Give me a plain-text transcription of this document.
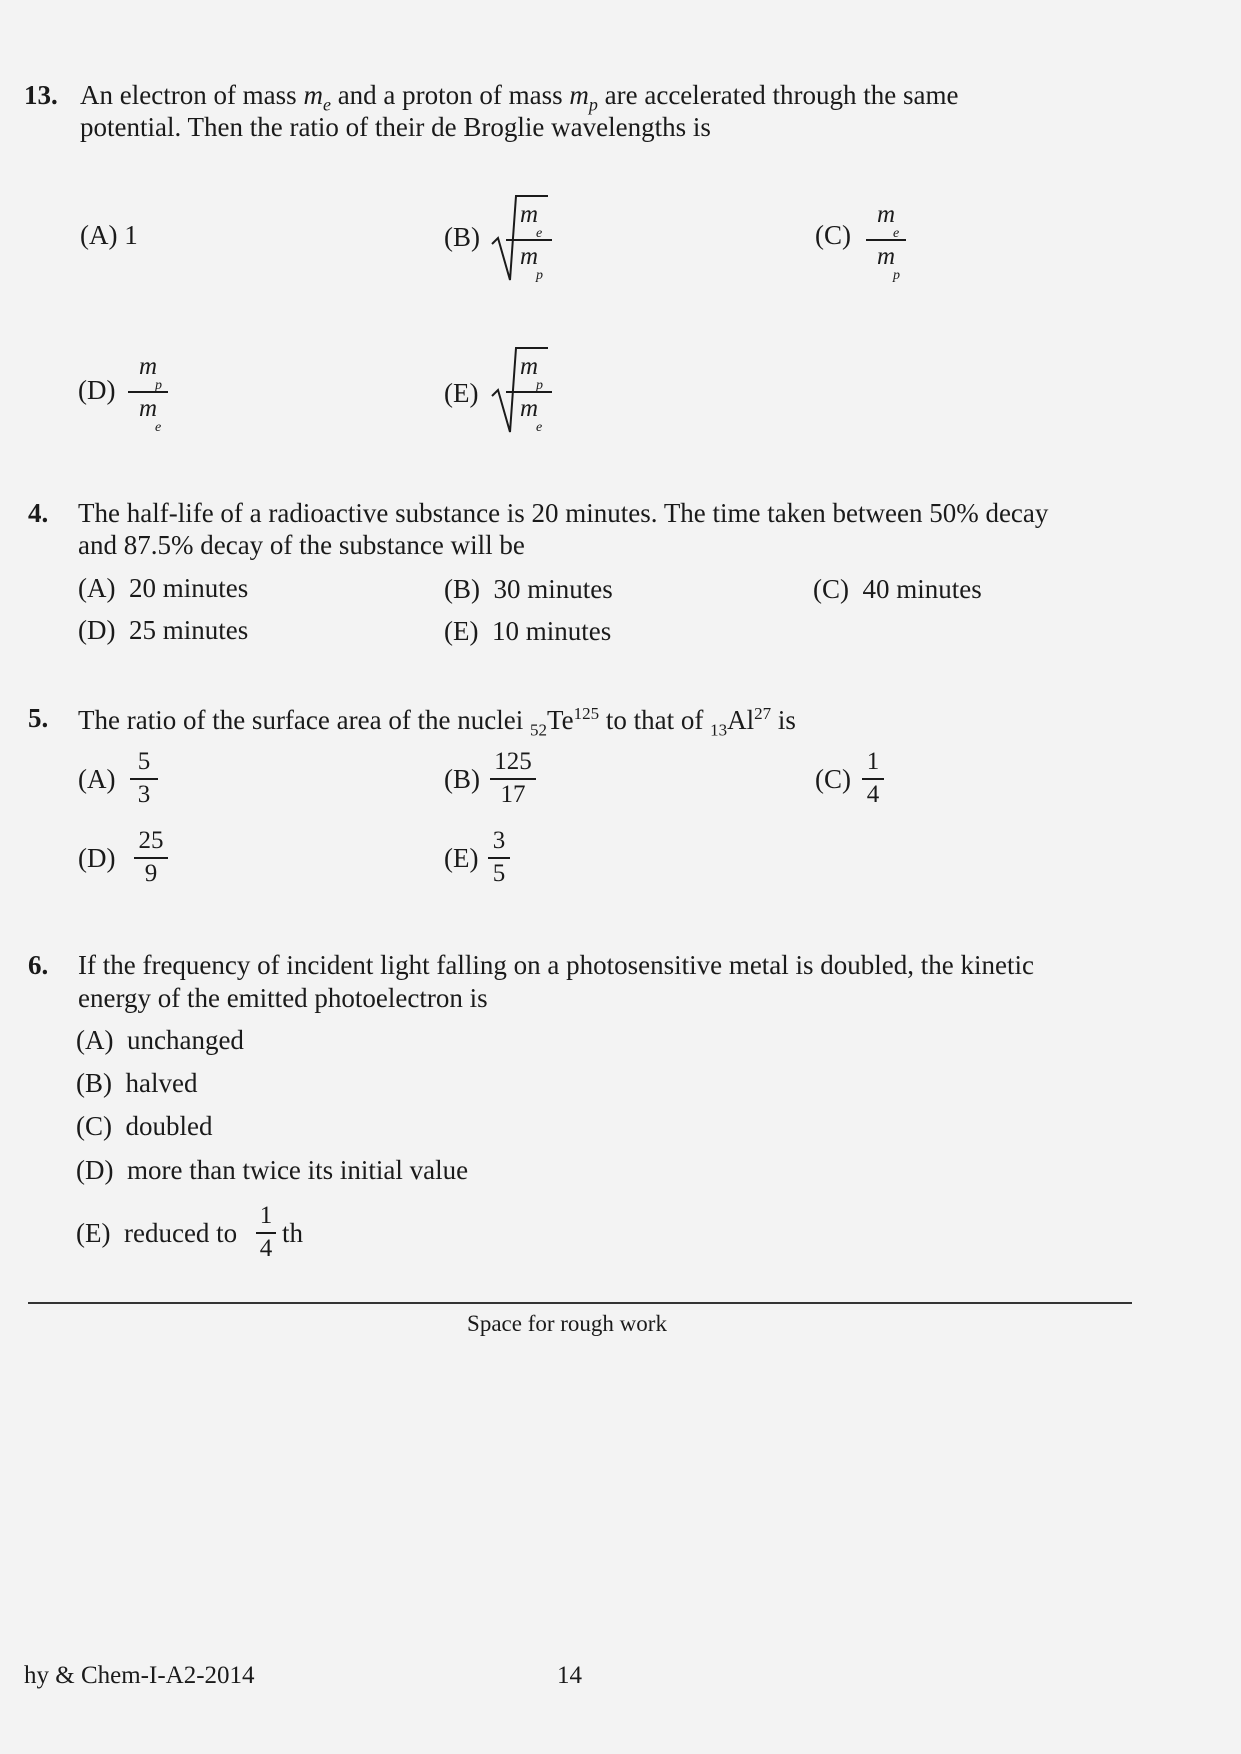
13. An electron of mass $m_e$ and a proton of mass $m_p$ are accelerated through the same
potential. Then the ratio of their de Broglie wavelengths is
(A) 1	(B)
m
e
m
p
(C)
m
e
m
p
(D)
m
p
m
e
(E)
m
p
m
e
4. The half-life of a radioactive substance is 20 minutes. The time taken between 50% decay
and 87.5% decay of the substance will be
(A) 20 minutes	(B) 30 minutes	(C) 40 minutes
(D) 25 minutes	(E) 10 minutes
5. The ratio of the surface area of the nuclei $_{52}Te^{125}$ to that of $_{13}Al^{27}$ is
(A)
5
3
(B)
125
17
(C)
1
4
(D)
25
9
(E)
3
5
6. If the frequency of incident light falling on a photosensitive metal is doubled, the kinetic
energy of the emitted photoelectron is
(A) unchanged
(B) halved
(C) doubled
(D) more than twice its initial value
(E) reduced to
1
4
th
Space for rough work
hy & Chem-I-A2-2014	14
